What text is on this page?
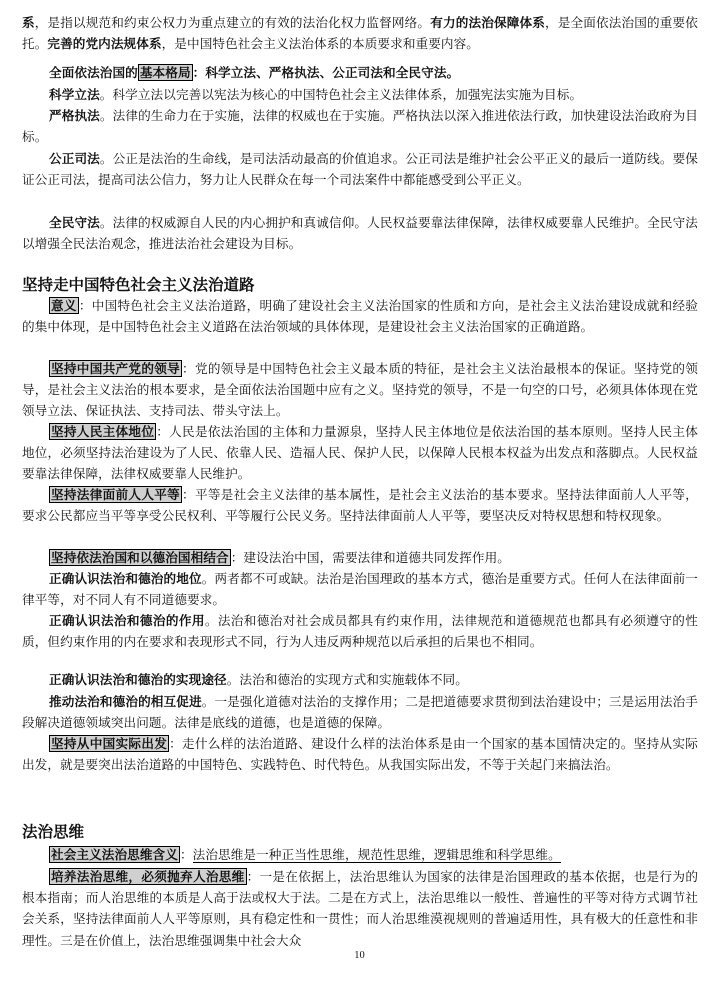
系，是指以规范和约束公权力为重点建立的有效的法治化权力监督网络。有力的法治保障体系，是全面依法治国的重要依托。完善的党内法规体系，是中国特色社会主义法治体系的本质要求和重要内容。

全面依法治国的 基本格局 ：科学立法、严格执法、公正司法和全民守法。

科学立法。科学立法以完善以宪法为核心的中国特色社会主义法律体系，加强宪法实施为目标。

严格执法。法律的生命力在于实施，法律的权威也在于实施。严格执法以深入推进依法行政，加快建设法治政府为目标。

公正司法。公正是法治的生命线，是司法活动最高的价值追求。公正司法是维护社会公平正义的最后一道防线。要保证公正司法，提高司法公信力，努力让人民群众在每一个司法案件中都能感受到公平正义。

全民守法。法律的权威源自人民的内心拥护和真诚信仰。人民权益要靠法律保障，法律权威要靠人民维护。全民守法以增强全民法治观念，推进法治社会建设为目标。

坚持走中国特色社会主义法治道路

意义 ：中国特色社会主义法治道路，明确了建设社会主义法治国家的性质和方向，是社会主义法治建设成就和经验的集中体现，是中国特色社会主义道路在法治领域的具体体现，是建设社会主义法治国家的正确道路。

坚持中国共产党的领导 ：党的领导是中国特色社会主义最本质的特征，是社会主义法治最根本的保证。坚持党的领导，是社会主义法治的根本要求，是全面依法治国题中应有之义。坚持党的领导，不是一句空的口号，必须具体体现在党领导立法、保证执法、支持司法、带头守法上。

坚持人民主体地位 ：人民是依法治国的主体和力量源泉，坚持人民主体地位是依法治国的基本原则。坚持人民主体地位，必须坚持法治建设为了人民、依靠人民、造福人民、保护人民，以保障人民根本权益为出发点和落脚点。人民权益要靠法律保障，法律权威要靠人民维护。

坚持法律面前人人平等 ：平等是社会主义法律的基本属性，是社会主义法治的基本要求。坚持法律面前人人平等，要求公民都应当平等享受公民权利、平等履行公民义务。坚持法律面前人人平等，要坚决反对特权思想和特权现象。

坚持依法治国和以德治国相结合 ：建设法治中国，需要法律和道德共同发挥作用。

正确认识法治和德治的地位。两者都不可或缺。法治是治国理政的基本方式，德治是重要方式。任何人在法律面前一律平等，对不同人有不同道德要求。

正确认识法治和德治的作用。法治和德治对社会成员都具有约束作用，法律规范和道德规范也都具有必须遵守的性质，但约束作用的内在要求和表现形式不同，行为人违反两种规范以后承担的后果也不相同。

正确认识法治和德治的实现途径。法治和德治的实现方式和实施载体不同。

推动法治和德治的相互促进。一是强化道德对法治的支撑作用；二是把道德要求贯彻到法治建设中；三是运用法治手段解决道德领域突出问题。法律是底线的道德，也是道德的保障。

坚持从中国实际出发 ：走什么样的法治道路、建设什么样的法治体系是由一个国家的基本国情决定的。坚持从实际出发，就是要突出法治道路的中国特色、实践特色、时代特色。从我国实际出发，不等于关起门来搞法治。

法治思维

社会主义法治思维含义 ：法治思维是一种正当性思维，规范性思维，逻辑思维和科学思维。

培养法治思维，必须抛弃人治思维 ：一是在依据上，法治思维认为国家的法律是治国理政的基本依据，也是行为的根本指南；而人治思维的本质是人高于法或权大于法。二是在方式上，法治思维以一般性、普遍性的平等对待方式调节社会关系，坚持法律面前人人平等原则，具有稳定性和一贯性；而人治思维漠视规则的普遍适用性，具有极大的任意性和非理性。三是在价值上，法治思维强调集中社会大众

10
